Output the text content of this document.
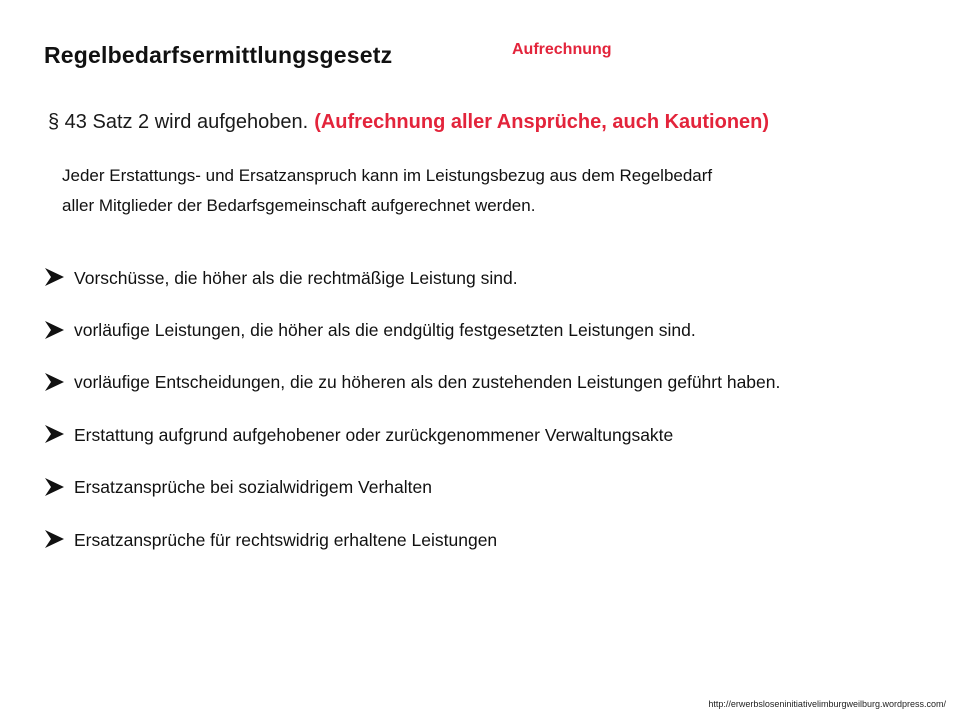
Regelbedarfsermittlungsgesetz	Aufrechnung
§ 43 Satz 2 wird aufgehoben. (Aufrechnung aller Ansprüche, auch Kautionen)
Jeder Erstattungs- und Ersatzanspruch kann im Leistungsbezug aus dem Regelbedarf
aller Mitglieder der Bedarfsgemeinschaft aufgerechnet werden.
Vorschüsse, die höher als die rechtmäßige Leistung sind.
vorläufige Leistungen, die höher als die endgültig festgesetzten Leistungen sind.
vorläufige Entscheidungen, die zu höheren als den zustehenden Leistungen geführt haben.
Erstattung aufgrund aufgehobener oder zurückgenommener Verwaltungsakte
Ersatzansprüche bei sozialwidrigem Verhalten
Ersatzansprüche für rechtswidrig erhaltene Leistungen
http://erwerbsloseninitiativelimburgweilburg.wordpress.com/
